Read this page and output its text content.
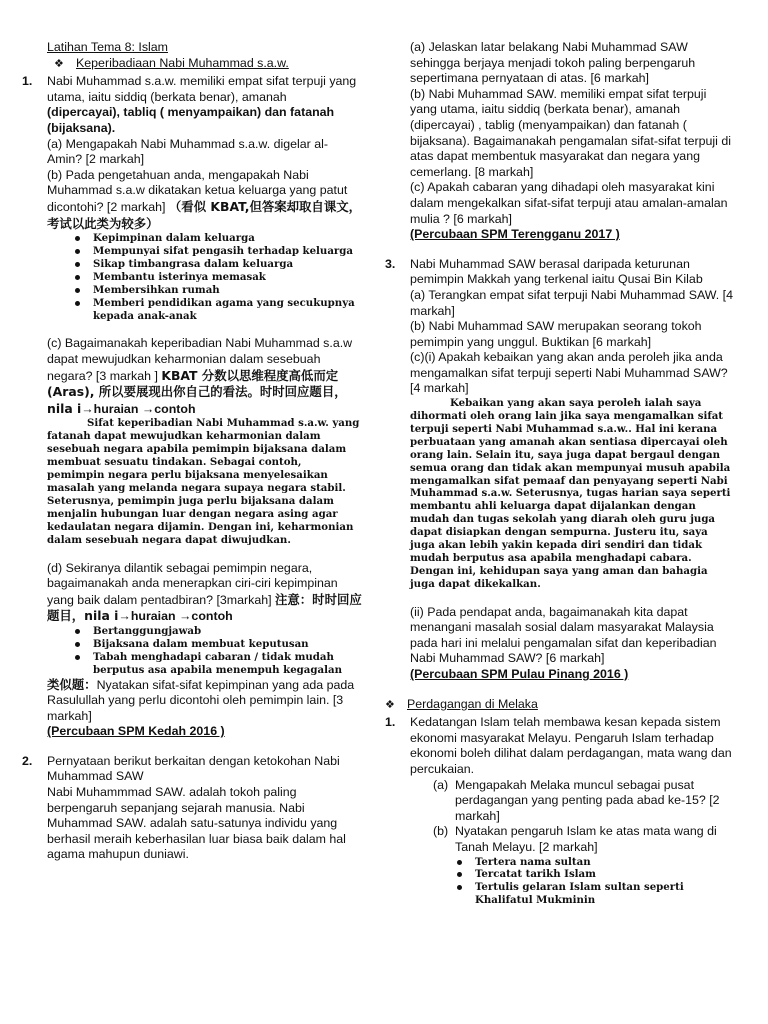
Latihan Tema 8: Islam
❖ Keperibadiaan Nabi Muhammad s.a.w.
1. Nabi Muhammad s.a.w. memiliki empat sifat terpuji yang utama, iaitu siddiq (berkata benar), amanah (dipercayai), tabliq ( menyampaikan) dan fatanah (bijaksana).

(a) Mengapakah Nabi Muhammad s.a.w. digelar al-Amin? [2 markah]

(b) Pada pengetahuan anda, mengapakah Nabi Muhammad s.a.w dikatakan ketua keluarga yang patut dicontohi? [2 markah] （看似 KBAT,但答案却取自课文，考试以此类为较多）

Kepimpinan dalam keluarga
Mempunyai sifat pengasih terhadap keluarga
Sikap timbangrasa dalam keluarga
Membantu isterinya memasak
Membersihkan rumah
Memberi pendidikan agama yang secukupnya kepada anak-anak

(c) Bagaimanakah keperibadian Nabi Muhammad s.a.w dapat mewujudkan keharmonian dalam sesebuah negara? [3 markah ] KBAT 分数以思维程度高低而定(Aras), 所以要展现出你自己的看法。时时回应题目，nila i→huraian →contoh

Sifat keperibadian Nabi Muhammad s.a.w. yang fatanah dapat mewujudkan keharmonian dalam sesebuah negara apabila pemimpin bijaksana dalam membuat sesuatu tindakan. Sebagai contoh, pemimpin negara perlu bijaksana menyelesaikan masalah yang melanda negara supaya negara stabil. Seterusnya, pemimpin juga perlu bijaksana dalam menjalin hubungan luar dengan negara asing agar kedaulatan negara dijamin. Dengan ini, keharmonian dalam sesebuah negara dapat diwujudkan.

(d) Sekiranya dilantik sebagai pemimpin negara, bagaimanakah anda menerapkan ciri-ciri kepimpinan yang baik dalam pentadbiran? [3markah] 注意：时时回应题目，nila i→huraian →contoh

Bertanggungjawab
Bijaksana dalam membuat keputusan
Tabah menghadapi cabaran / tidak mudah berputus asa apabila menempuh kegagalan

类似题：Nyatakan sifat-sifat kepimpinan yang ada pada Rasulullah yang perlu dicontohi oleh pemimpin lain. [3 markah]

(Percubaan SPM Kedah 2016 )

2. Pernyataan berikut berkaitan dengan ketokohan Nabi Muhammad SAW

Nabi Muhammmad SAW. adalah tokoh paling berpengaruh sepanjang sejarah manusia. Nabi Muhammad SAW. adalah satu-satunya individu yang berhasil meraih keberhasilan luar biasa baik dalam hal agama mahupun duniawi.

(a) Jelaskan latar belakang Nabi Muhammad SAW sehingga berjaya menjadi tokoh paling berpengaruh sepertimana pernyataan di atas. [6 markah]

(b) Nabi Muhammad SAW. memiliki empat sifat terpuji yang utama, iaitu siddiq (berkata benar), amanah (dipercayai) , tablig (menyampaikan) dan fatanah ( bijaksana). Bagaimanakah pengamalan sifat-sifat terpuji di atas dapat membentuk masyarakat dan negara yang cemerlang. [8 markah]

(c) Apakah cabaran yang dihadapi oleh masyarakat kini dalam mengekalkan sifat-sifat terpuji atau amalan-amalan mulia ? [6 markah]

(Percubaan SPM Terengganu 2017 )

3. Nabi Muhammad SAW berasal daripada keturunan pemimpin Makkah yang terkenal iaitu Qusai Bin Kilab

(a) Terangkan empat sifat terpuji Nabi Muhammad SAW. [4 markah]

(b) Nabi Muhammad SAW merupakan seorang tokoh pemimpin yang unggul. Buktikan [6 markah]

(c)(i) Apakah kebaikan yang akan anda peroleh jika anda mengamalkan sifat terpuji seperti Nabi Muhammad SAW? [4 markah]

Kebaikan yang akan saya peroleh ialah saya dihormati oleh orang lain jika saya mengamalkan sifat terpuji seperti Nabi Muhammad s.a.w.. Hal ini kerana perbuataan yang amanah akan sentiasa dipercayai oleh orang lain. Selain itu, saya juga dapat bergaul dengan semua orang dan tidak akan mempunyai musuh apabila mengamalkan sifat pemaaf dan penyayang seperti Nabi Muhammad s.a.w. Seterusnya, tugas harian saya seperti membantu ahli keluarga dapat dijalankan dengan mudah dan tugas sekolah yang diarah oleh guru juga dapat disiapkan dengan sempurna. Justeru itu, saya juga akan lebih yakin kepada diri sendiri dan tidak mudah berputus asa apabila menghadapi cabara. Dengan ini, kehidupan saya yang aman dan bahagia juga dapat dikekalkan.

(ii) Pada pendapat anda, bagaimanakah kita dapat menangani masalah sosial dalam masyarakat Malaysia pada hari ini melalui pengamalan sifat dan keperibadian Nabi Muhammad SAW? [6 markah]

(Percubaan SPM Pulau Pinang 2016 )

❖ Perdagangan di Melaka
1. Kedatangan Islam telah membawa kesan kepada sistem ekonomi masyarakat Melayu. Pengaruh Islam terhadap ekonomi boleh dilihat dalam perdagangan, mata wang dan percukaian.

(a) Mengapakah Melaka muncul sebagai pusat perdagangan yang penting pada abad ke-15? [2 markah]
(b) Nyatakan pengaruh Islam ke atas mata wang di Tanah Melayu. [2 markah]
Tertera nama sultan
Tercatat tarikh Islam
Tertulis gelaran Islam sultan seperti Khalifatul Mukminin
